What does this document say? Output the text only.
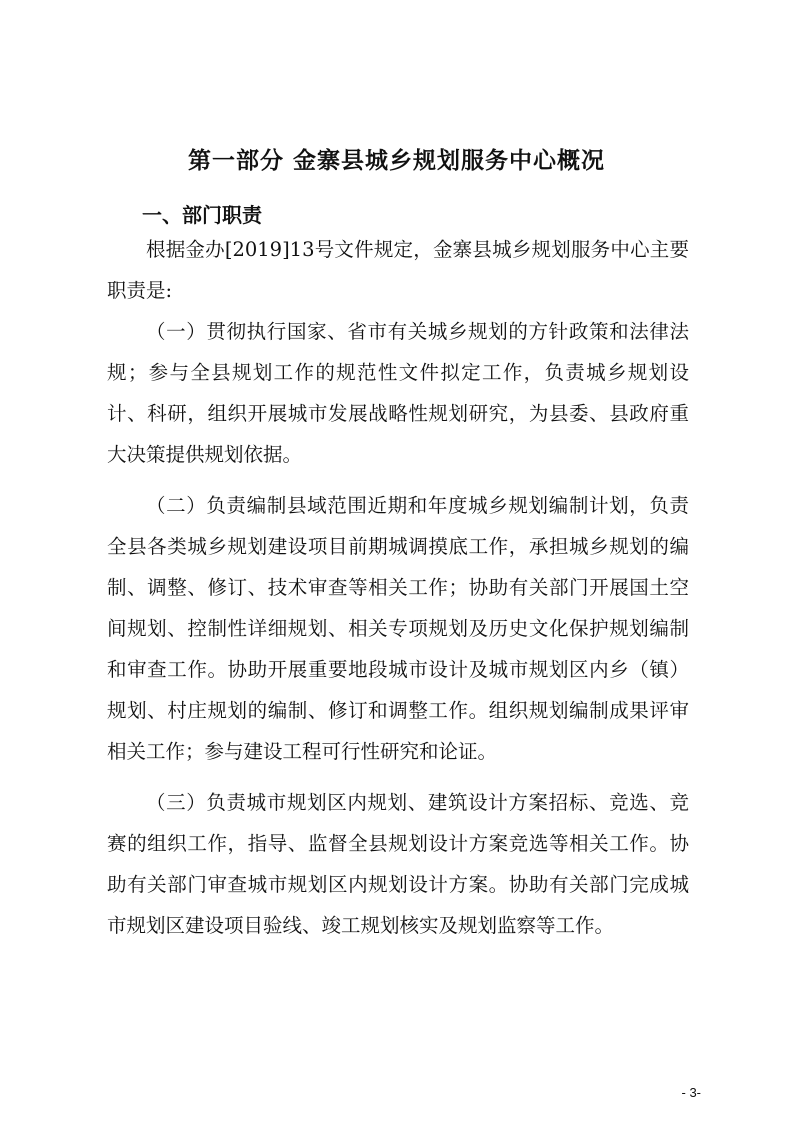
第一部分 金寨县城乡规划服务中心概况
一、部门职责

根据金办[2019]13号文件规定，金寨县城乡规划服务中心主要职责是:

（一）贯彻执行国家、省市有关城乡规划的方针政策和法律法规；参与全县规划工作的规范性文件拟定工作，负责城乡规划设计、科研，组织开展城市发展战略性规划研究，为县委、县政府重大决策提供规划依据。

（二）负责编制县域范围近期和年度城乡规划编制计划，负责全县各类城乡规划建设项目前期城调摸底工作，承担城乡规划的编制、调整、修订、技术审查等相关工作；协助有关部门开展国土空间规划、控制性详细规划、相关专项规划及历史文化保护规划编制和审查工作。协助开展重要地段城市设计及城市规划区内乡（镇）规划、村庄规划的编制、修订和调整工作。组织规划编制成果评审相关工作；参与建设工程可行性研究和论证。

（三）负责城市规划区内规划、建筑设计方案招标、竞选、竞赛的组织工作，指导、监督全县规划设计方案竞选等相关工作。协助有关部门审查城市规划区内规划设计方案。协助有关部门完成城市规划区建设项目验线、竣工规划核实及规划监察等工作。

- 3-
